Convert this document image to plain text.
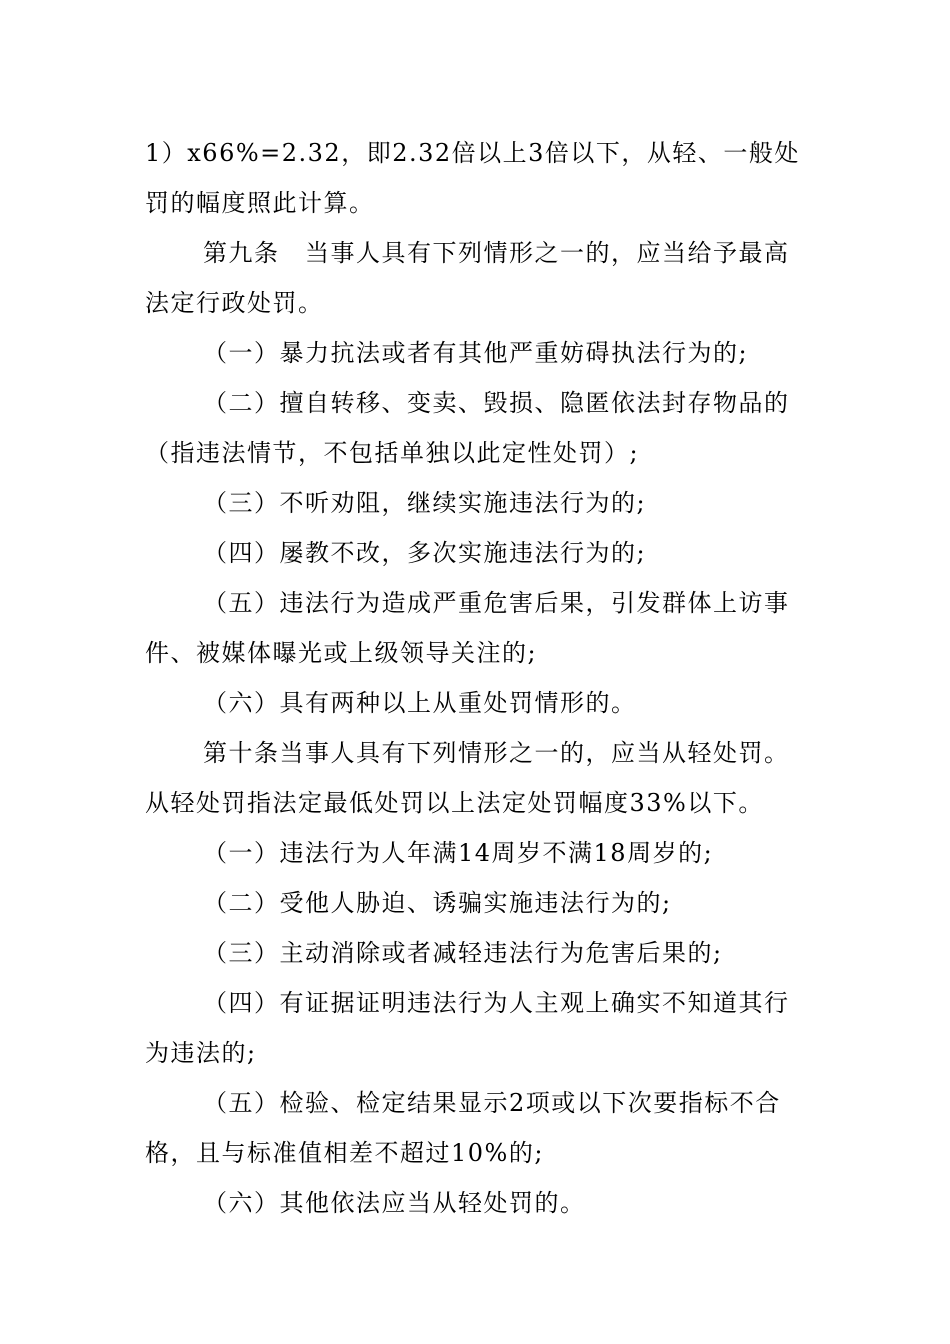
1）x66%=2.32，即2.32倍以上3倍以下，从轻、一般处罚的幅度照此计算。

第九条　当事人具有下列情形之一的，应当给予最高法定行政处罚。

（一）暴力抗法或者有其他严重妨碍执法行为的;

（二）擅自转移、变卖、毁损、隐匿依法封存物品的（指违法情节，不包括单独以此定性处罚）;

（三）不听劝阻，继续实施违法行为的;

（四）屡教不改，多次实施违法行为的;

（五）违法行为造成严重危害后果，引发群体上访事件、被媒体曝光或上级领导关注的;

（六）具有两种以上从重处罚情形的。

第十条当事人具有下列情形之一的，应当从轻处罚。从轻处罚指法定最低处罚以上法定处罚幅度33%以下。

（一）违法行为人年满14周岁不满18周岁的;

（二）受他人胁迫、诱骗实施违法行为的;

（三）主动消除或者减轻违法行为危害后果的;

（四）有证据证明违法行为人主观上确实不知道其行为违法的;

（五）检验、检定结果显示2项或以下次要指标不合格，且与标准值相差不超过10%的;

（六）其他依法应当从轻处罚的。
